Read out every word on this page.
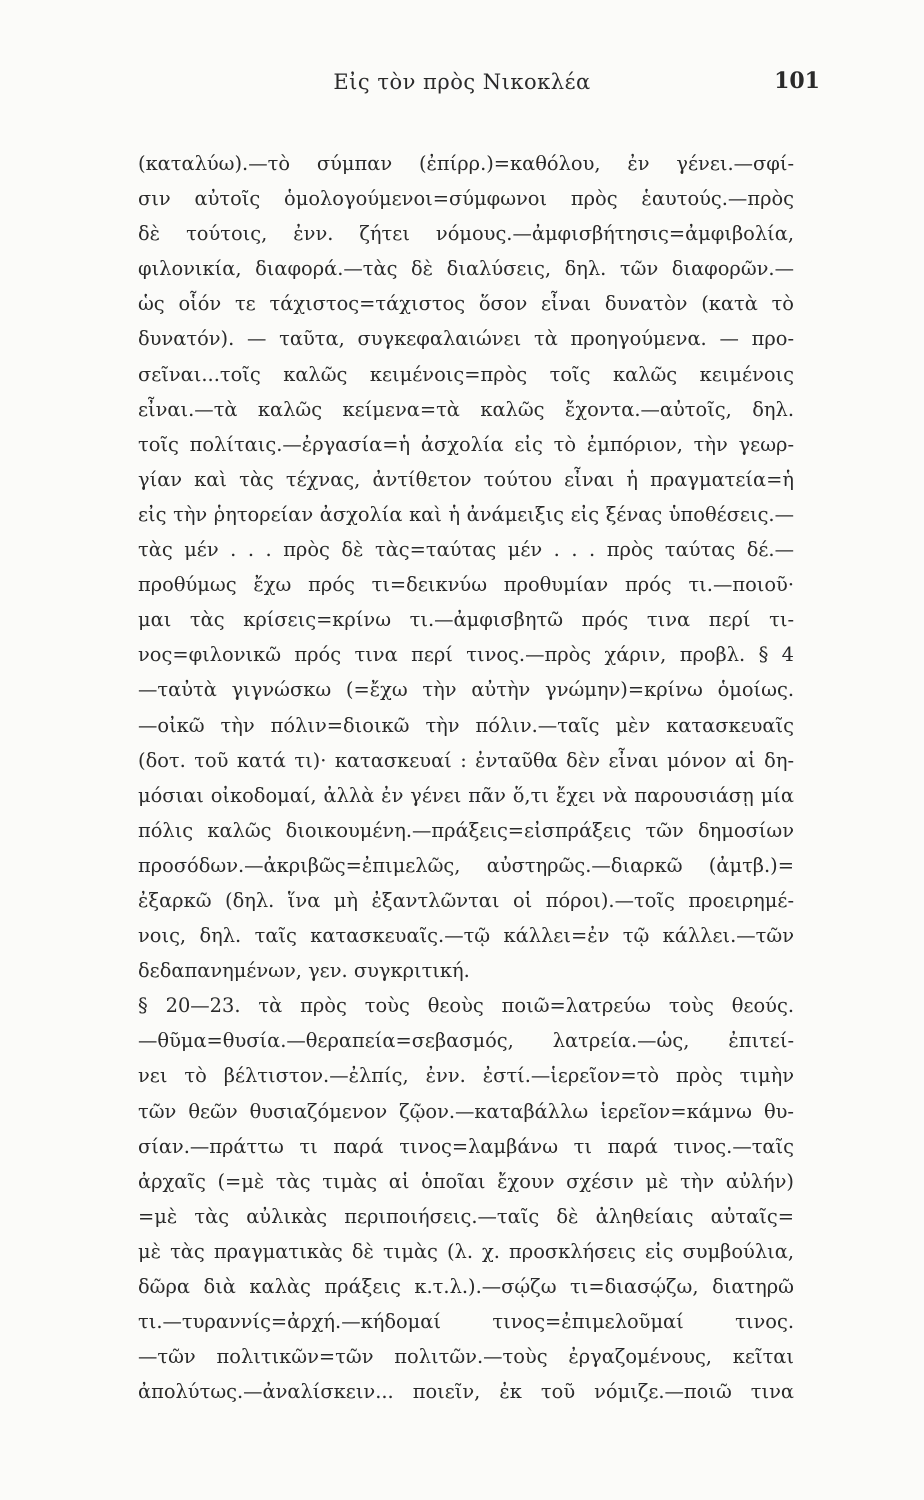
Εἰς τὸν πρὸς Νικοκλέα	101
(καταλύω).—τὸ σύμπαν (ἐπίρρ.)=καθόλου, ἐν γένει.—σφί-
σιν αὐτοῖς ὁμολογούμενοι=σύμφωνοι πρὸς ἑαυτούς.—πρὸς
δὲ τούτοις, ἐνν. ζήτει νόμους.—ἀμφισβήτησις=ἀμφιβολία,
φιλονικία, διαφορά.—τὰς δὲ διαλύσεις, δηλ. τῶν διαφορῶν.—
ὡς οἷόν τε τάχιστος=τάχιστος ὅσον εἶναι δυνατὸν (κατὰ τὸ
δυνατόν). — ταῦτα, συγκεφαλαιώνει τὰ προηγούμενα. — προ-
σεῖναι...τοῖς καλῶς κειμένοις=πρὸς τοῖς καλῶς κειμένοις
εἶναι.—τὰ καλῶς κείμενα=τὰ καλῶς ἔχοντα.—αὐτοῖς, δηλ.
τοῖς πολίταις.—ἐργασία=ἡ ἀσχολία εἰς τὸ ἐμπόριον, τὴν γεωρ-
γίαν καὶ τὰς τέχνας, ἀντίθετον τούτου εἶναι ἡ πραγματεία=ἡ
εἰς τὴν ῥητορείαν ἀσχολία καὶ ἡ ἀνάμειξις εἰς ξένας ὑποθέσεις.—
τὰς μέν . . . πρὸς δὲ τὰς=ταύτας μέν . . . πρὸς ταύτας δέ.—
προθύμως ἔχω πρός τι=δεικνύω προθυμίαν πρός τι.—ποιοῦ·
μαι τὰς κρίσεις=κρίνω τι.—ἀμφισβητῶ πρός τινα περί τι-
νος=φιλονικῶ πρός τινα περί τινος.—πρὸς χάριν, προβλ. § 4
—ταὐτὰ γιγνώσκω (=ἔχω τὴν αὐτὴν γνώμην)=κρίνω ὁμοίως.
—οἰκῶ τὴν πόλιν=διοικῶ τὴν πόλιν.—ταῖς μὲν κατασκευαῖς
(δοτ. τοῦ κατά τι)· κατασκευαί : ἐνταῦθα δὲν εἶναι μόνον αἱ δη-
μόσιαι οἰκοδομαί, ἀλλὰ ἐν γένει πᾶν ὅ,τι ἔχει νὰ παρουσιάσῃ μία
πόλις καλῶς διοικουμένη.—πράξεις=εἰσπράξεις τῶν δημοσίων
προσόδων.—ἀκριβῶς=ἐπιμελῶς, αὐστηρῶς.—διαρκῶ (ἀμτβ.)=
ἐξαρκῶ (δηλ. ἵνα μὴ ἐξαντλῶνται οἱ πόροι).—τοῖς προειρημέ-
νοις, δηλ. ταῖς κατασκευαῖς.—τῷ κάλλει=ἐν τῷ κάλλει.—τῶν
δεδαπανημένων, γεν. συγκριτική.
§ 20—23. τὰ πρὸς τοὺς θεοὺς ποιῶ=λατρεύω τοὺς θεούς.
—θῦμα=θυσία.—θεραπεία=σεβασμός, λατρεία.—ὡς, ἐπιτεί-
νει τὸ βέλτιστον.—ἐλπίς, ἐνν. ἐστί.—ἱερεῖον=τὸ πρὸς τιμὴν
τῶν θεῶν θυσιαζόμενον ζῷον.—καταβάλλω ἱερεῖον=κάμνω θυ-
σίαν.—πράττω τι παρά τινος=λαμβάνω τι παρά τινος.—ταῖς
ἀρχαῖς (=μὲ τὰς τιμὰς αἱ ὁποῖαι ἔχουν σχέσιν μὲ τὴν αὐλήν)
=μὲ τὰς αὐλικὰς περιποιήσεις.—ταῖς δὲ ἀληθείαις αὐταῖς=
μὲ τὰς πραγματικὰς δὲ τιμὰς (λ. χ. προσκλήσεις εἰς συμβούλια,
δῶρα διὰ καλὰς πράξεις κ.τ.λ.).—σῴζω τι=διασῴζω, διατηρῶ
τι.—τυραννίς=ἀρχή.—κήδομαί τινος=ἐπιμελοῦμαί τινος.
—τῶν πολιτικῶν=τῶν πολιτῶν.—τοὺς ἐργαζομένους, κεῖται
ἀπολύτως.—ἀναλίσκειν... ποιεῖν, ἐκ τοῦ νόμιζε.—ποιῶ τινα
